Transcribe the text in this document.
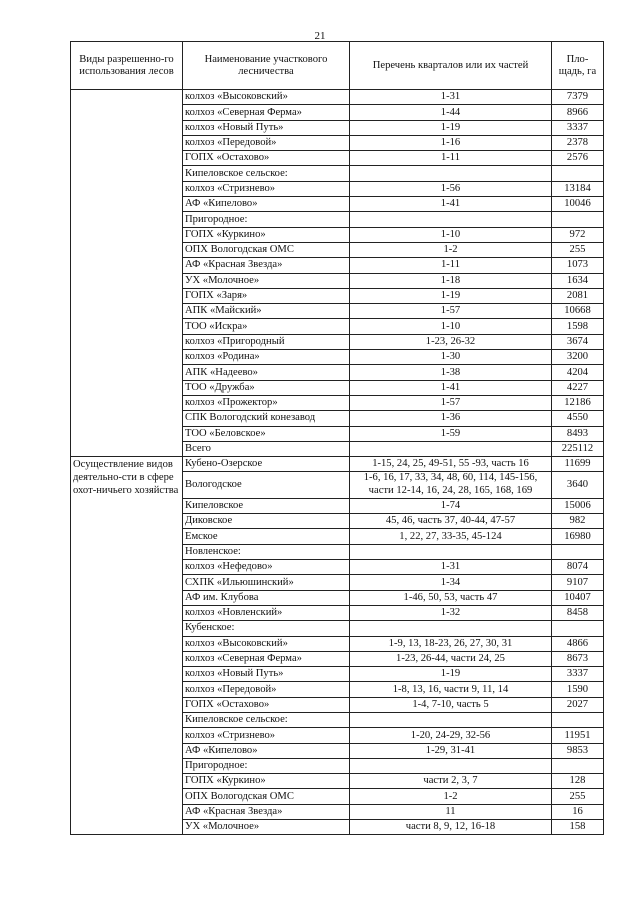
21
Виды разрешенно-го использования лесов	Наименование участкового лесничества	Перечень кварталов или их частей	Пло-щадь, га
	колхоз «Высоковский»	1-31	7379
	колхоз «Северная Ферма»	1-44	8966
	колхоз «Новый Путь»	1-19	3337
	колхоз «Передовой»	1-16	2378
	ГОПХ «Остахово»	1-11	2576
	Кипеловское сельское:		
	колхоз «Стризнево»	1-56	13184
	АФ «Кипелово»	1-41	10046
	Пригородное:		
	ГОПХ «Куркино»	1-10	972
	ОПХ Вологодская ОМС	1-2	255
	АФ «Красная Звезда»	1-11	1073
	УХ «Молочное»	1-18	1634
	ГОПХ «Заря»	1-19	2081
	АПК «Майский»	1-57	10668
	ТОО «Искра»	1-10	1598
	колхоз «Пригородный	1-23, 26-32	3674
	колхоз «Родина»	1-30	3200
	АПК «Надеево»	1-38	4204
	ТОО «Дружба»	1-41	4227
	колхоз «Прожектор»	1-57	12186
	СПК Вологодский конезавод	1-36	4550
	ТОО «Беловское»	1-59	8493
	Всего		225112
Осуществление видов деятельно-сти в сфере охот-ничьего хозяйства	Кубено-Озерское	1-15, 24, 25, 49-51, 55 -93, часть 16	11699
	Вологодское	1-6, 16, 17, 33, 34, 48, 60, 114, 145-156, части 12-14, 16, 24, 28, 165, 168, 169	3640
	Кипеловское	1-74	15006
	Диковское	45, 46, часть 37, 40-44, 47-57	982
	Емское	1, 22, 27, 33-35, 45-124	16980
	Новленское:		
	колхоз «Нефедово»	1-31	8074
	СХПК «Ильюшинский»	1-34	9107
	АФ им. Клубова	1-46, 50, 53, часть 47	10407
	колхоз «Новленский»	1-32	8458
	Кубенское:		
	колхоз «Высоковский»	1-9, 13, 18-23, 26, 27, 30, 31	4866
	колхоз «Северная Ферма»	1-23, 26-44, части 24, 25	8673
	колхоз «Новый Путь»	1-19	3337
	колхоз «Передовой»	1-8, 13, 16, части 9, 11, 14	1590
	ГОПХ «Остахово»	1-4, 7-10, часть 5	2027
	Кипеловское сельское:		
	колхоз «Стризнево»	1-20, 24-29, 32-56	11951
	АФ «Кипелово»	1-29, 31-41	9853
	Пригородное:		
	ГОПХ «Куркино»	части 2, 3, 7	128
	ОПХ Вологодская ОМС	1-2	255
	АФ «Красная Звезда»	11	16
	УХ «Молочное»	части 8, 9, 12, 16-18	158
